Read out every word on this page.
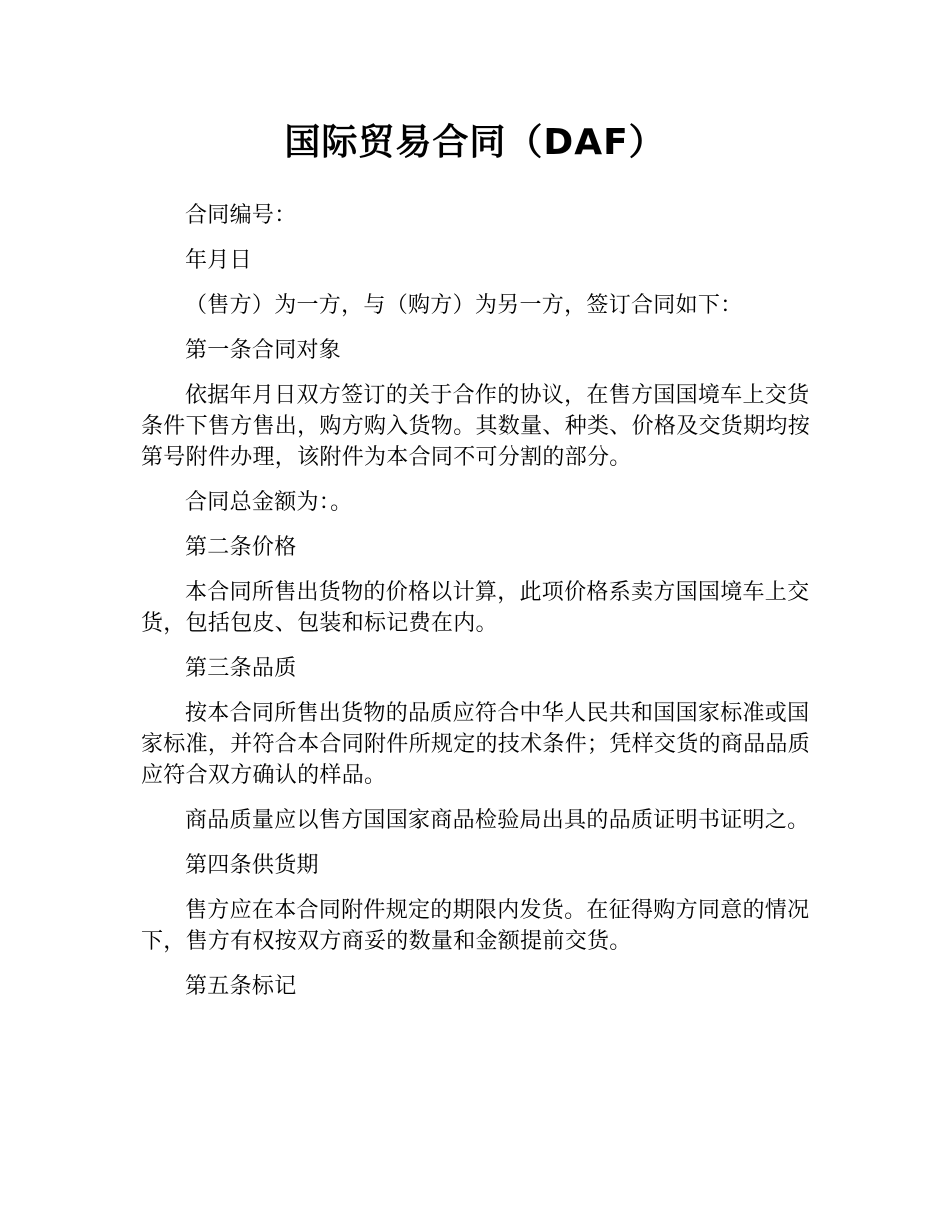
国际贸易合同（DAF）

合同编号：

年月日

（售方）为一方，与（购方）为另一方，签订合同如下：

第一条合同对象

依据年月日双方签订的关于合作的协议，在售方国国境车上交货条件下售方售出，购方购入货物。其数量、种类、价格及交货期均按第号附件办理，该附件为本合同不可分割的部分。

合同总金额为：。

第二条价格

本合同所售出货物的价格以计算，此项价格系卖方国国境车上交货，包括包皮、包装和标记费在内。

第三条品质

按本合同所售出货物的品质应符合中华人民共和国国家标准或国家标准，并符合本合同附件所规定的技术条件；凭样交货的商品品质应符合双方确认的样品。

商品质量应以售方国国家商品检验局出具的品质证明书证明之。

第四条供货期

售方应在本合同附件规定的期限内发货。在征得购方同意的情况下，售方有权按双方商妥的数量和金额提前交货。

第五条标记
